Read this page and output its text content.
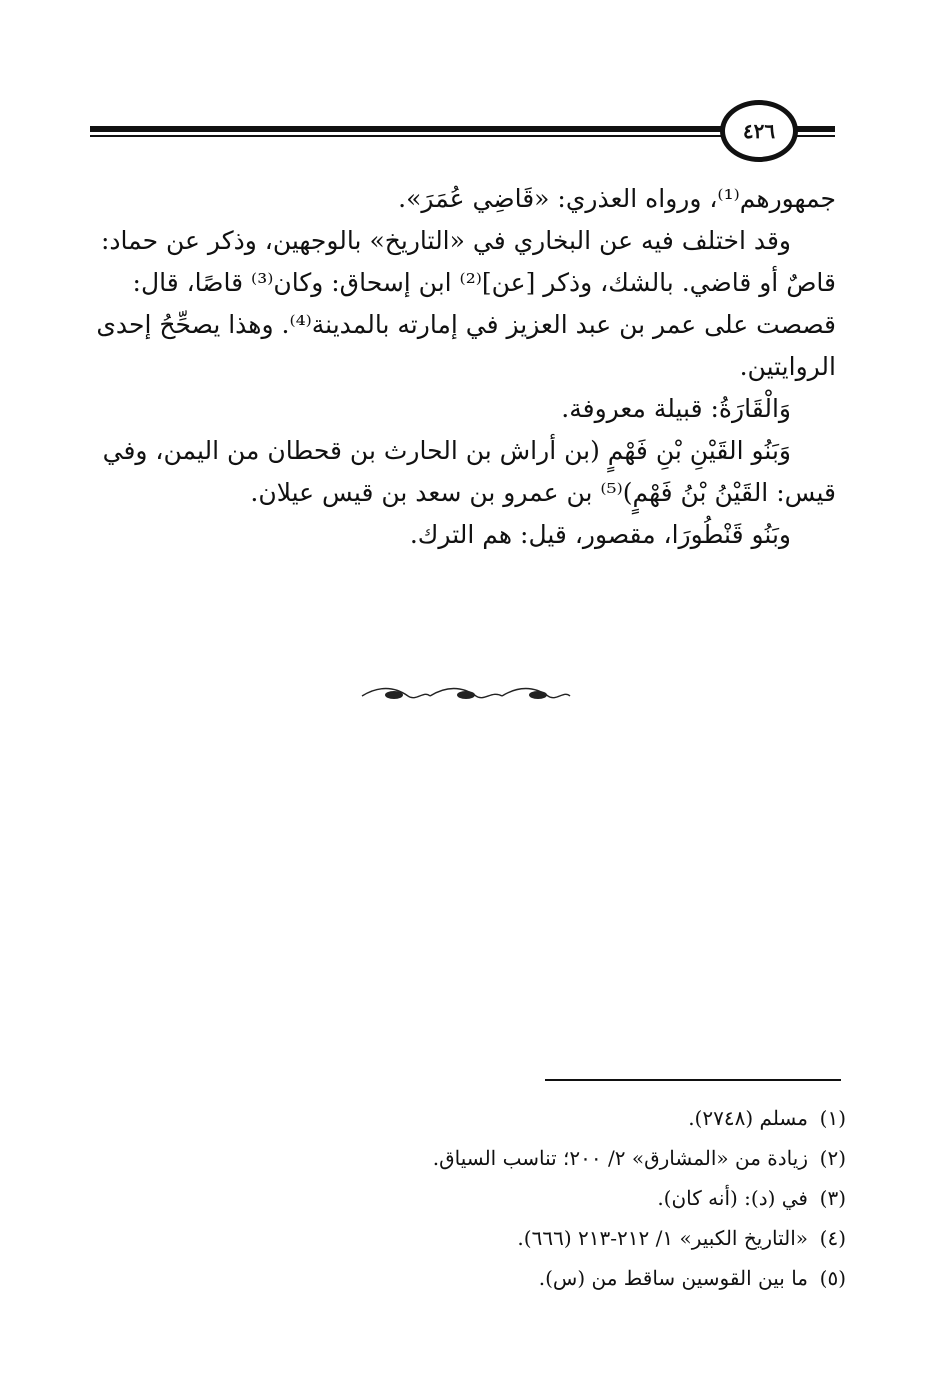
٤٢٦

جمهورهم⁽¹⁾، ورواه العذري: «قَاضِي عُمَرَ».

وقد اختلف فيه عن البخاري في «التاريخ» بالوجهين، وذكر عن حماد:

قاصٌ أو قاضي. بالشك، وذكر [عن]⁽²⁾ ابن إسحاق: وكان⁽³⁾ قاصًا، قال:

قصصت على عمر بن عبد العزيز في إمارته بالمدينة⁽⁴⁾. وهذا يصحِّحُ إحدى

الروايتين.

وَالْقَارَةُ: قبيلة معروفة.

وَبَنُو القَيْنِ بْنِ فَهْمٍ (بن أراش بن الحارث بن قحطان من اليمن، وفي

قيس: القَيْنُ بْنُ فَهْمٍ)⁽⁵⁾ بن عمرو بن سعد بن قيس عيلان.

وبَنُو قَنْطُورَا، مقصور، قيل: هم الترك.

(١)مسلم (٢٧٤٨).

(٢)زيادة من «المشارق» ٢/ ٢٠٠؛ تناسب السياق.

(٣)في (د): (أنه كان).

(٤)«التاريخ الكبير» ١/ ٢١٢-٢١٣ (٦٦٦).

(٥)ما بين القوسين ساقط من (س).
